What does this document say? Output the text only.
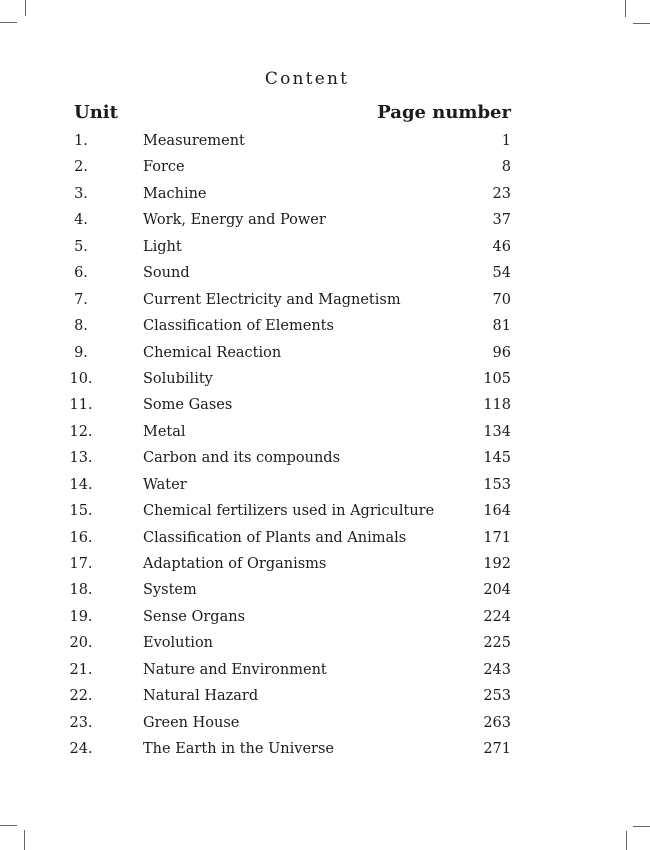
Content
Unit	Page number
1.	Measurement	1
2.	Force	8
3.	Machine	23
4.	Work, Energy and Power	37
5.	Light	46
6.	Sound	54
7.	Current Electricity and Magnetism	70
8.	Classification of Elements	81
9.	Chemical Reaction	96
10.	Solubility	105
11.	Some Gases	118
12.	Metal	134
13.	Carbon and its compounds	145
14.	Water	153
15.	Chemical fertilizers used in Agriculture	164
16.	Classification of Plants and Animals	171
17.	Adaptation of Organisms	192
18.	System	204
19.	Sense Organs	224
20.	Evolution	225
21.	Nature and Environment	243
22.	Natural Hazard	253
23.	Green House	263
24.	The Earth in the Universe	271
